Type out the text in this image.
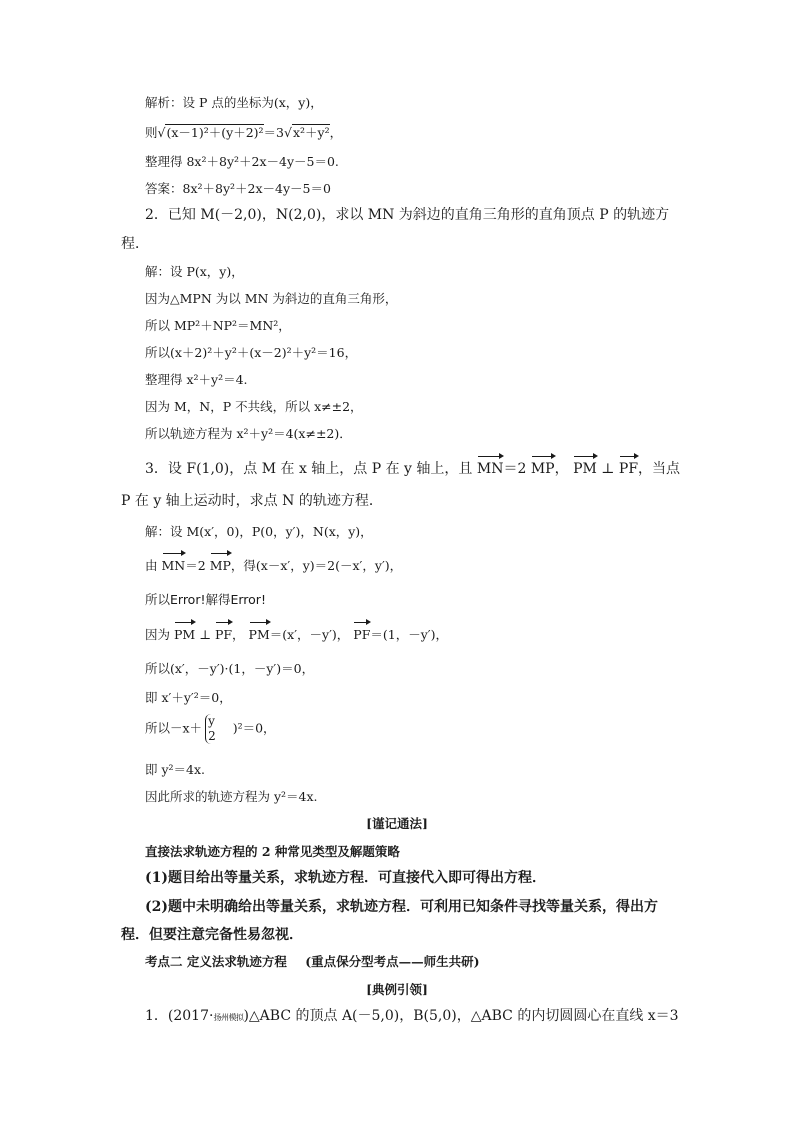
解析：设 P 点的坐标为(x，y)，
则√(x－1)²＋(y＋2)²＝3√x²＋y²，
整理得 8x²＋8y²＋2x－4y－5＝0.
答案：8x²＋8y²＋2x－4y－5＝0
2．已知 M(－2,0)，N(2,0)，求以 MN 为斜边的直角三角形的直角顶点 P 的轨迹方
程．
解：设 P(x，y)，
因为△MPN 为以 MN 为斜边的直角三角形，
所以 MP²＋NP²＝MN²，
所以(x＋2)²＋y²＋(x－2)²＋y²＝16，
整理得 x²＋y²＝4.
因为 M，N，P 不共线，所以 x≠±2，
所以轨迹方程为 x²＋y²＝4(x≠±2)．
3．设 F(1,0)，点 M 在 x 轴上，点 P 在 y 轴上，且 MN＝2 MP， PM ⊥ PF，当点
P 在 y 轴上运动时，求点 N 的轨迹方程．
解：设 M(x′，0)，P(0，y′)，N(x，y)，
由 MN＝2 MP，得(x－x′，y)＝2(－x′，y′)，
所以Error!解得Error!
因为 PM ⊥ PF， PM＝(x′，－y′)， PF＝(1，－y′)，
所以(x′，－y′)·(1，－y′)＝0，
即 x′＋y′²＝0，
所以－x＋ y
2
)²＝0，
即 y²＝4x.
因此所求的轨迹方程为 y²＝4x.
[谨记通法]
直接法求轨迹方程的 2 种常见类型及解题策略
(1)题目给出等量关系，求轨迹方程．可直接代入即可得出方程．
(2)题中未明确给出等量关系，求轨迹方程．可利用已知条件寻找等量关系，得出方
程．但要注意完备性易忽视．
考点二 定义法求轨迹方程 (重点保分型考点——师生共研)
[典例引领]
1．(2017·扬州模拟)△ABC 的顶点 A(－5,0)，B(5,0)，△ABC 的内切圆圆心在直线 x＝3
